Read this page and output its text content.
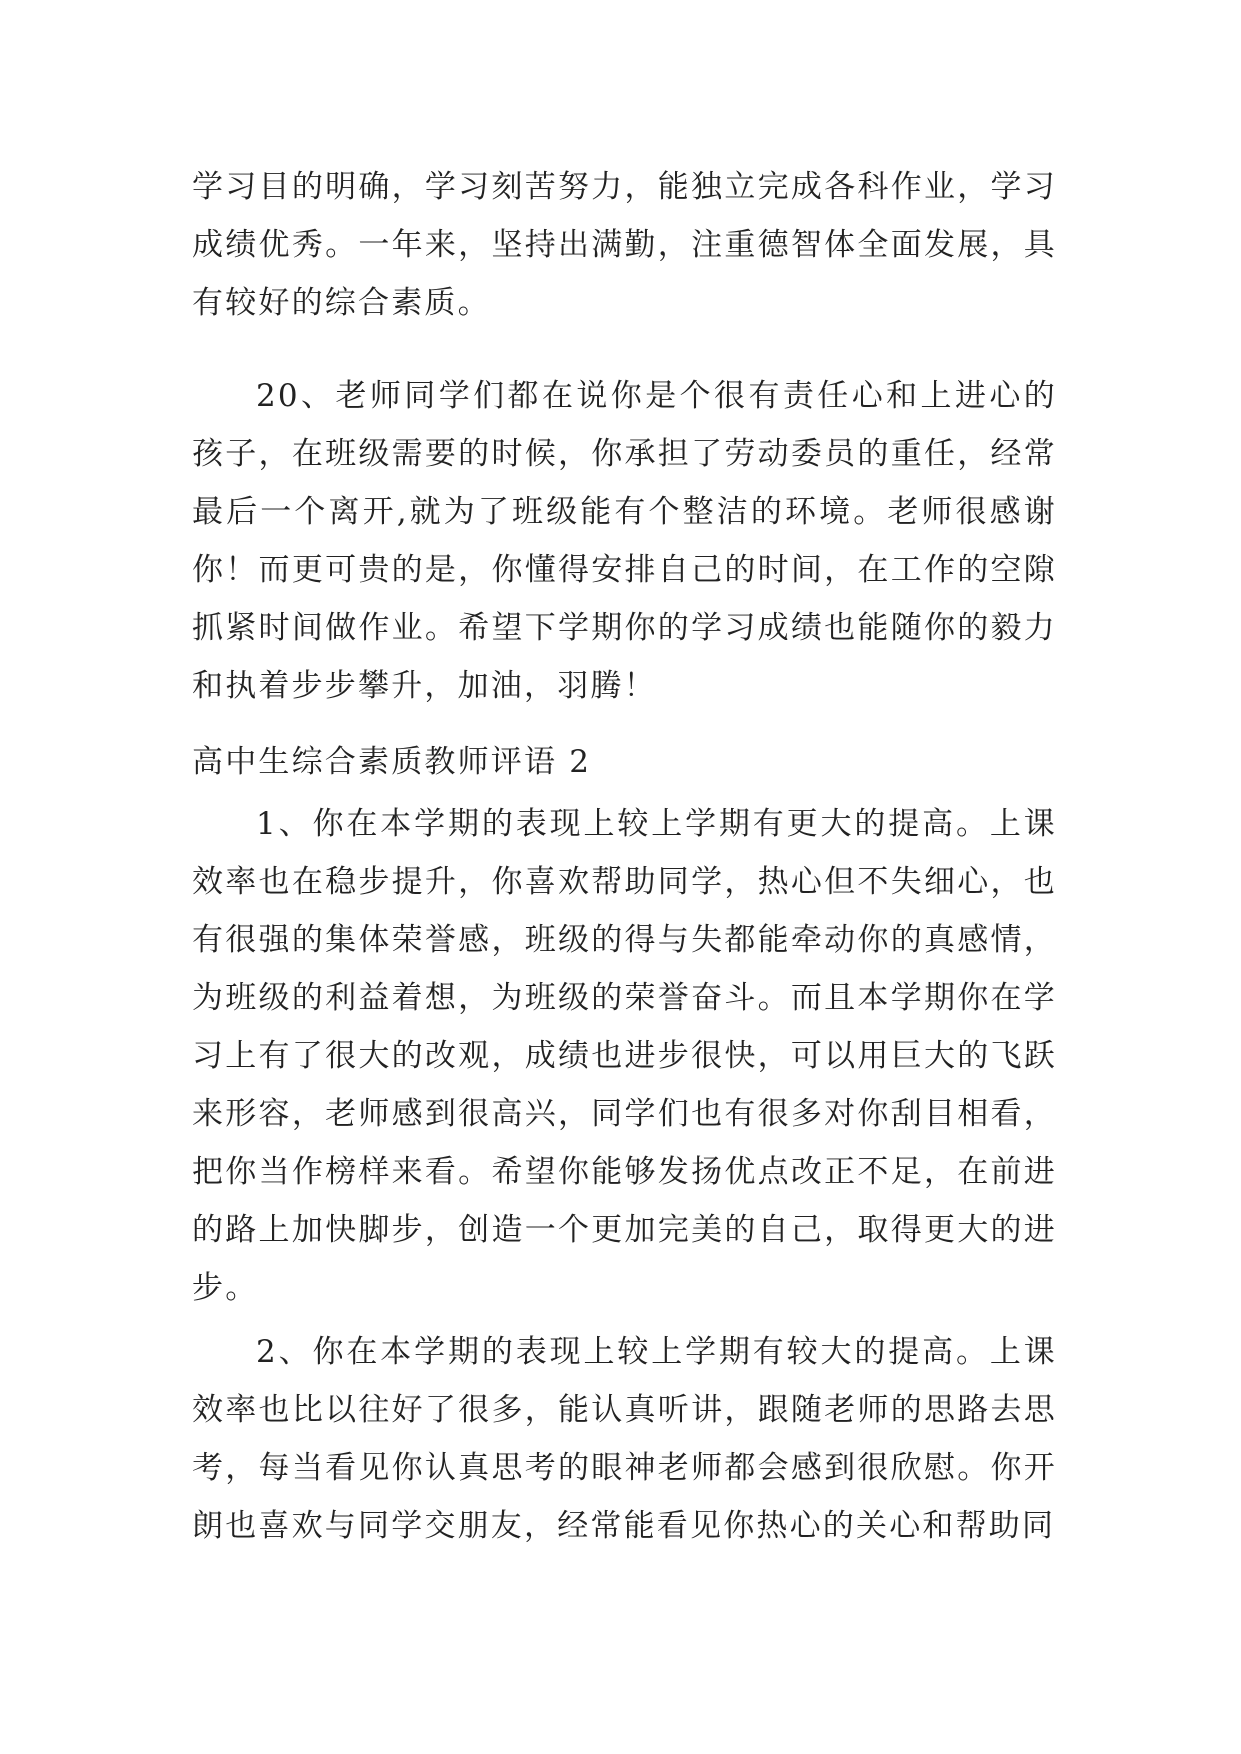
学习目的明确，学习刻苦努力，能独立完成各科作业，学习成绩优秀。一年来，坚持出满勤，注重德智体全面发展，具有较好的综合素质。

20、老师同学们都在说你是个很有责任心和上进心的孩子，在班级需要的时候，你承担了劳动委员的重任，经常最后一个离开,就为了班级能有个整洁的环境。老师很感谢你！而更可贵的是，你懂得安排自己的时间，在工作的空隙抓紧时间做作业。希望下学期你的学习成绩也能随你的毅力和执着步步攀升，加油，羽腾！

高中生综合素质教师评语 2

1、你在本学期的表现上较上学期有更大的提高。上课效率也在稳步提升，你喜欢帮助同学，热心但不失细心，也有很强的集体荣誉感，班级的得与失都能牵动你的真感情，为班级的利益着想，为班级的荣誉奋斗。而且本学期你在学习上有了很大的改观，成绩也进步很快，可以用巨大的飞跃来形容，老师感到很高兴，同学们也有很多对你刮目相看，把你当作榜样来看。希望你能够发扬优点改正不足，在前进的路上加快脚步，创造一个更加完美的自己，取得更大的进步。

2、你在本学期的表现上较上学期有较大的提高。上课效率也比以往好了很多，能认真听讲，跟随老师的思路去思考，每当看见你认真思考的眼神老师都会感到很欣慰。你开朗也喜欢与同学交朋友，经常能看见你热心的关心和帮助同
